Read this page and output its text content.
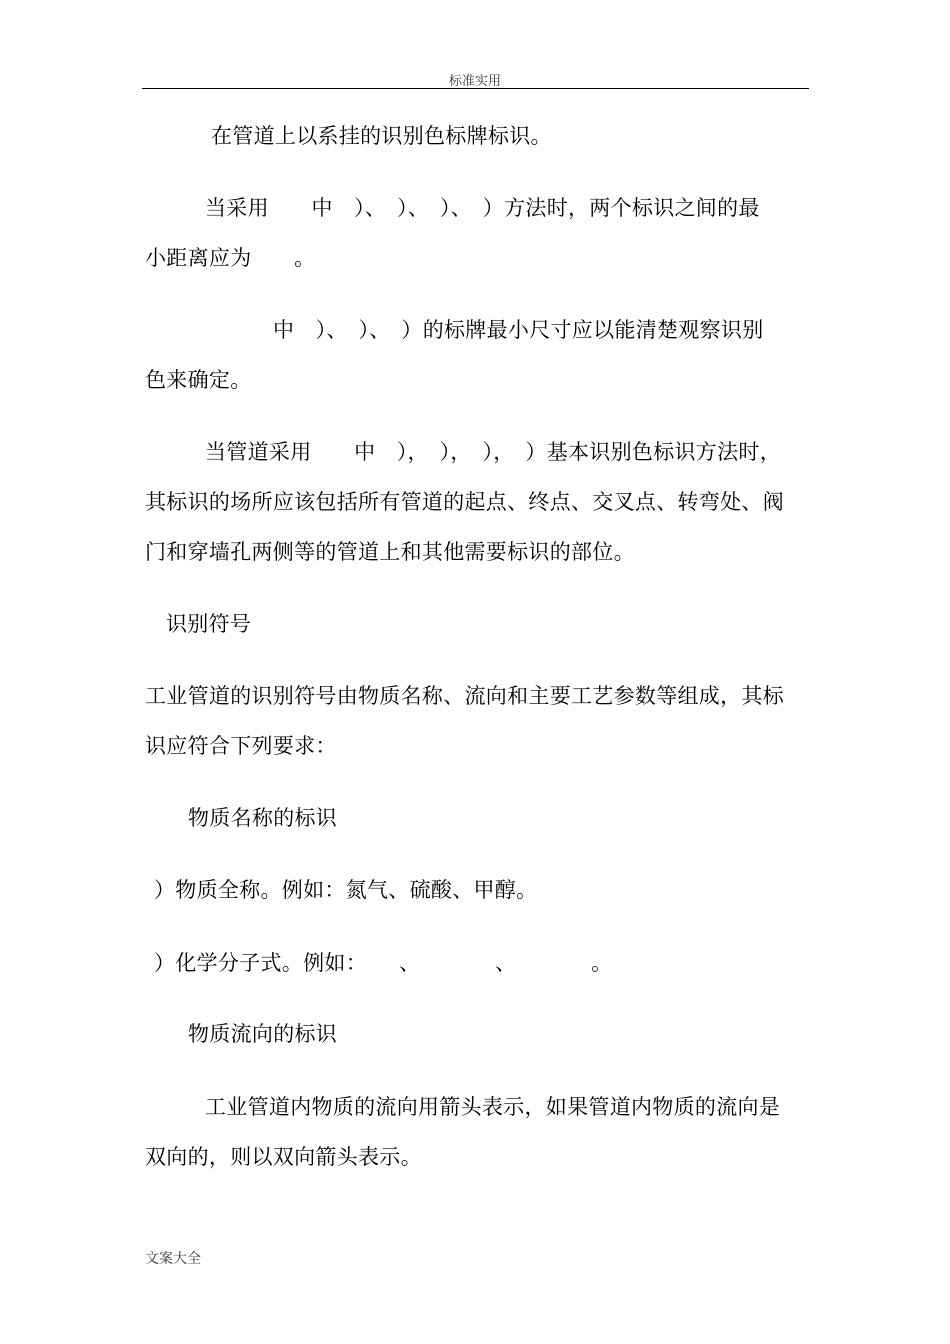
标准实用
在管道上以系挂的识别色标牌标识。
当采用　　中　）、　）、　）、　）方法时，两个标识之间的最
小距离应为　　。
中　）、　）、　）的标牌最小尺寸应以能清楚观察识别
色来确定。
当管道采用　　中　），　），　），　）基本识别色标识方法时，
其标识的场所应该包括所有管道的起点、终点、交叉点、转弯处、阀
门和穿墙孔两侧等的管道上和其他需要标识的部位。
识别符号
工业管道的识别符号由物质名称、流向和主要工艺参数等组成，其标
识应符合下列要求：
物质名称的标识
）物质全称。例如：氮气、硫酸、甲醇。
）化学分子式。例如：　　、　　　　、　　　　。
物质流向的标识
工业管道内物质的流向用箭头表示，如果管道内物质的流向是
双向的，则以双向箭头表示。
文案大全
